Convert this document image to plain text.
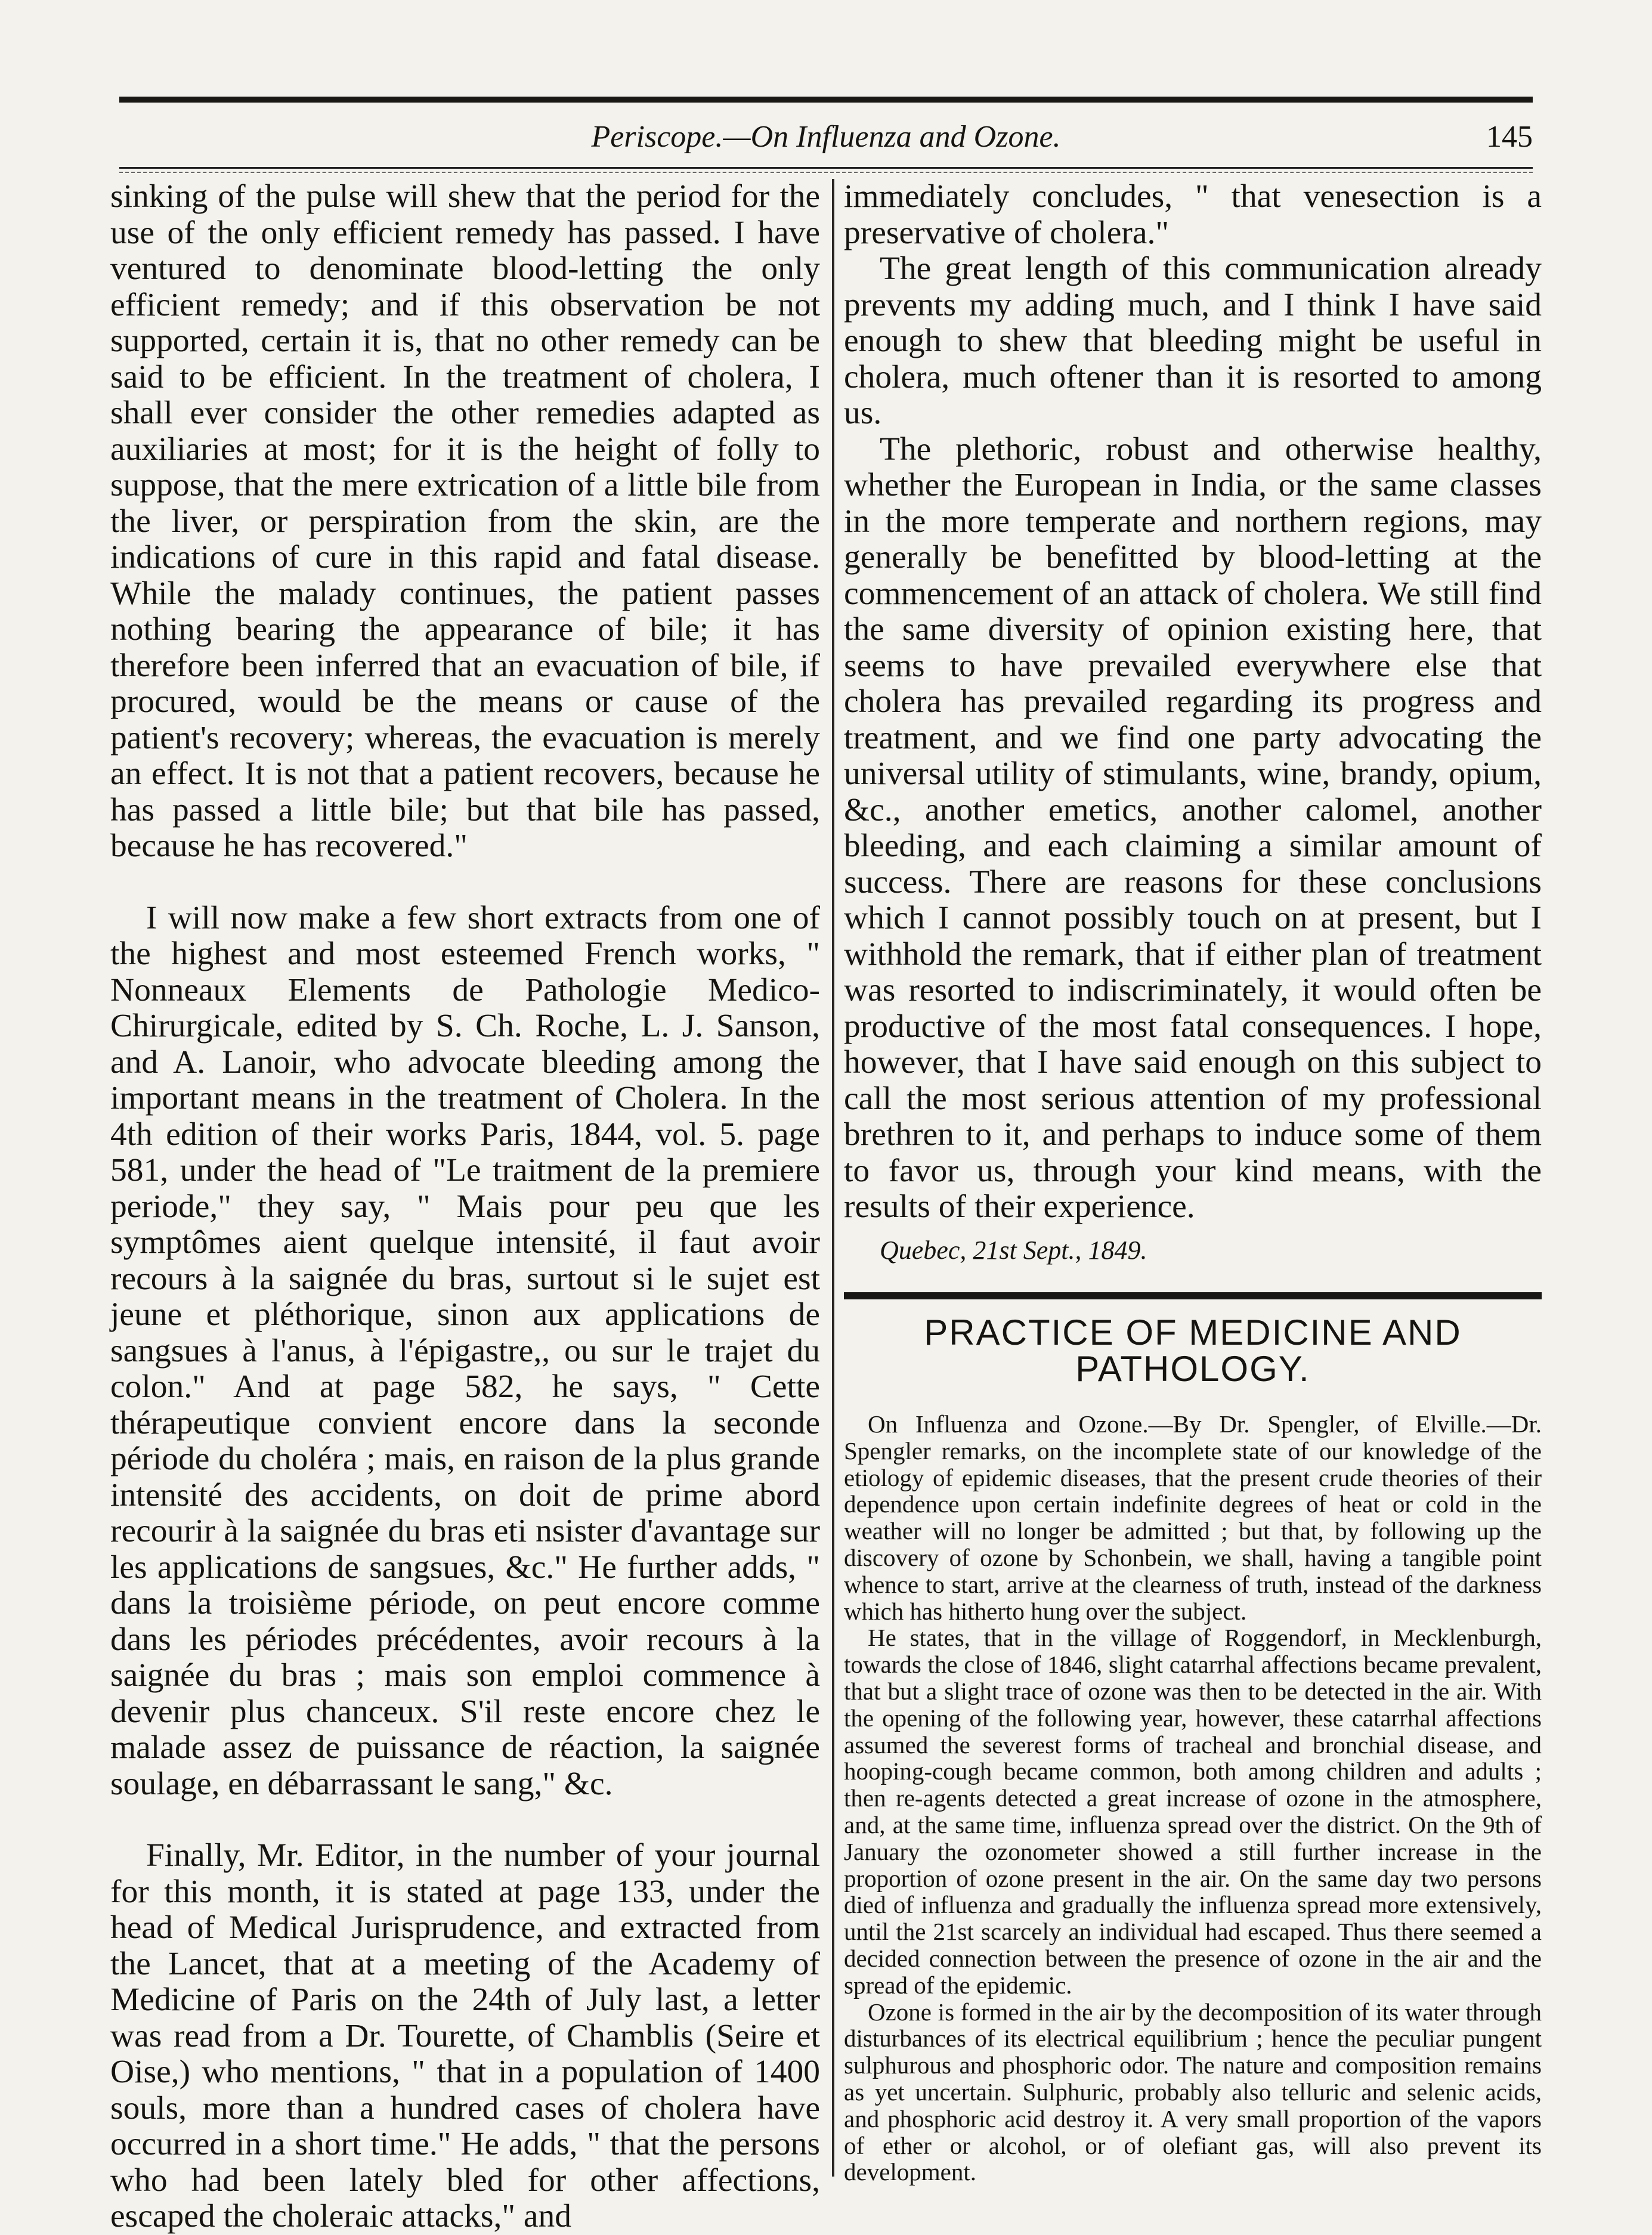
Periscope.—On Influenza and Ozone.	145

sinking of the pulse will shew that the period for the use of the only efficient remedy has passed. I have ventured to denominate blood-letting the only efficient remedy; and if this observation be not supported, certain it is, that no other remedy can be said to be efficient. In the treatment of cholera, I shall ever consider the other remedies adapted as auxiliaries at most; for it is the height of folly to suppose, that the mere extrication of a little bile from the liver, or perspiration from the skin, are the indications of cure in this rapid and fatal disease. While the malady continues, the patient passes nothing bearing the appearance of bile; it has therefore been inferred that an evacuation of bile, if procured, would be the means or cause of the patient's recovery; whereas, the evacuation is merely an effect. It is not that a patient recovers, because he has passed a little bile; but that bile has passed, because he has recovered."

I will now make a few short extracts from one of the highest and most esteemed French works, " Nonneaux Elements de Pathologie Medico-Chirurgicale, edited by S. Ch. Roche, L. J. Sanson, and A. Lanoir, who advocate bleeding among the important means in the treatment of Cholera. In the 4th edition of their works Paris, 1844, vol. 5. page 581, under the head of "Le traitment de la premiere periode," they say, " Mais pour peu que les symptômes aient quelque intensité, il faut avoir recours à la saignée du bras, surtout si le sujet est jeune et pléthorique, sinon aux applications de sangsues à l'anus, à l'épigastre,, ou sur le trajet du colon." And at page 582, he says, " Cette thérapeutique convient encore dans la seconde période du choléra ; mais, en raison de la plus grande intensité des accidents, on doit de prime abord recourir à la saignée du bras eti nsister d'avantage sur les applications de sangsues, &c." He further adds, " dans la troisième période, on peut encore comme dans les périodes précédentes, avoir recours à la saignée du bras ; mais son emploi commence à devenir plus chanceux. S'il reste encore chez le malade assez de puissance de réaction, la saignée soulage, en débarrassant le sang," &c.

Finally, Mr. Editor, in the number of your journal for this month, it is stated at page 133, under the head of Medical Jurisprudence, and extracted from the Lancet, that at a meeting of the Academy of Medicine of Paris on the 24th of July last, a letter was read from a Dr. Tourette, of Chamblis (Seire et Oise,) who mentions, " that in a population of 1400 souls, more than a hundred cases of cholera have occurred in a short time." He adds, " that the persons who had been lately bled for other affections, escaped the choleraic attacks," and

immediately concludes, " that venesection is a preservative of cholera."

The great length of this communication already prevents my adding much, and I think I have said enough to shew that bleeding might be useful in cholera, much oftener than it is resorted to among us.

The plethoric, robust and otherwise healthy, whether the European in India, or the same classes in the more temperate and northern regions, may generally be benefitted by blood-letting at the commencement of an attack of cholera. We still find the same diversity of opinion existing here, that seems to have prevailed everywhere else that cholera has prevailed regarding its progress and treatment, and we find one party advocating the universal utility of stimulants, wine, brandy, opium, &c., another emetics, another calomel, another bleeding, and each claiming a similar amount of success. There are reasons for these conclusions which I cannot possibly touch on at present, but I withhold the remark, that if either plan of treatment was resorted to indiscriminately, it would often be productive of the most fatal consequences. I hope, however, that I have said enough on this subject to call the most serious attention of my professional brethren to it, and perhaps to induce some of them to favor us, through your kind means, with the results of their experience.

Quebec, 21st Sept., 1849.
PRACTICE OF MEDICINE AND PATHOLOGY.

On Influenza and Ozone.—By Dr. Spengler, of Elville.—Dr. Spengler remarks, on the incomplete state of our knowledge of the etiology of epidemic diseases, that the present crude theories of their dependence upon certain indefinite degrees of heat or cold in the weather will no longer be admitted ; but that, by following up the discovery of ozone by Schonbein, we shall, having a tangible point whence to start, arrive at the clearness of truth, instead of the darkness which has hitherto hung over the subject.

He states, that in the village of Roggendorf, in Mecklenburgh, towards the close of 1846, slight catarrhal affections became prevalent, that but a slight trace of ozone was then to be detected in the air. With the opening of the following year, however, these catarrhal affections assumed the severest forms of tracheal and bronchial disease, and hooping-cough became common, both among children and adults ; then re-agents detected a great increase of ozone in the atmosphere, and, at the same time, influenza spread over the district. On the 9th of January the ozonometer showed a still further increase in the proportion of ozone present in the air. On the same day two persons died of influenza and gradually the influenza spread more extensively, until the 21st scarcely an individual had escaped. Thus there seemed a decided connection between the presence of ozone in the air and the spread of the epidemic.

Ozone is formed in the air by the decomposition of its water through disturbances of its electrical equilibrium ; hence the peculiar pungent sulphurous and phosphoric odor. The nature and composition remains as yet uncertain. Sulphuric, probably also telluric and selenic acids, and phosphoric acid destroy it. A very small proportion of the vapors of ether or alcohol, or of olefiant gas, will also prevent its development.
